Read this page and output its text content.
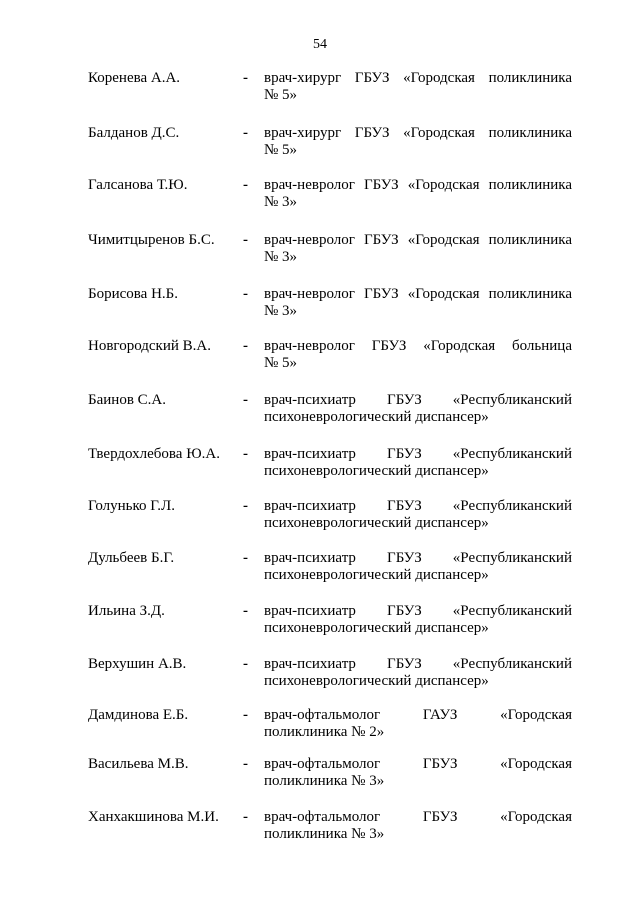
54
Коренева А.А.	- врач-хирург ГБУЗ «Городская поликлиника
№ 5»
Балданов Д.С.	- врач-хирург ГБУЗ «Городская поликлиника
№ 5»
Галсанова Т.Ю.	- врач-невролог ГБУЗ «Городская поликлиника
№ 3»
Чимитцыренов Б.С. - врач-невролог ГБУЗ «Городская поликлиника
№ 3»
Борисова Н.Б.	- врач-невролог ГБУЗ «Городская поликлиника
№ 3»
Новгородский В.А. - врач-невролог ГБУЗ «Городская больница
№ 5»
Баинов С.А.	- врач-психиатр ГБУЗ «Республиканский
психоневрологический диспансер»
Твердохлебова Ю.А. - врач-психиатр ГБУЗ «Республиканский
психоневрологический диспансер»
Голунько Г.Л.	- врач-психиатр ГБУЗ «Республиканский
психоневрологический диспансер»
Дульбеев Б.Г.	- врач-психиатр ГБУЗ «Республиканский
психоневрологический диспансер»
Ильина З.Д.	- врач-психиатр ГБУЗ «Республиканский
психоневрологический диспансер»
Верхушин А.В.	- врач-психиатр ГБУЗ «Республиканский
психоневрологический диспансер»
Дамдинова Е.Б.	- врач-офтальмолог ГАУЗ «Городская
поликлиника № 2»
Васильева М.В.	- врач-офтальмолог ГБУЗ «Городская
поликлиника № 3»
Ханхакшинова М.И. - врач-офтальмолог ГБУЗ «Городская
поликлиника № 3»
